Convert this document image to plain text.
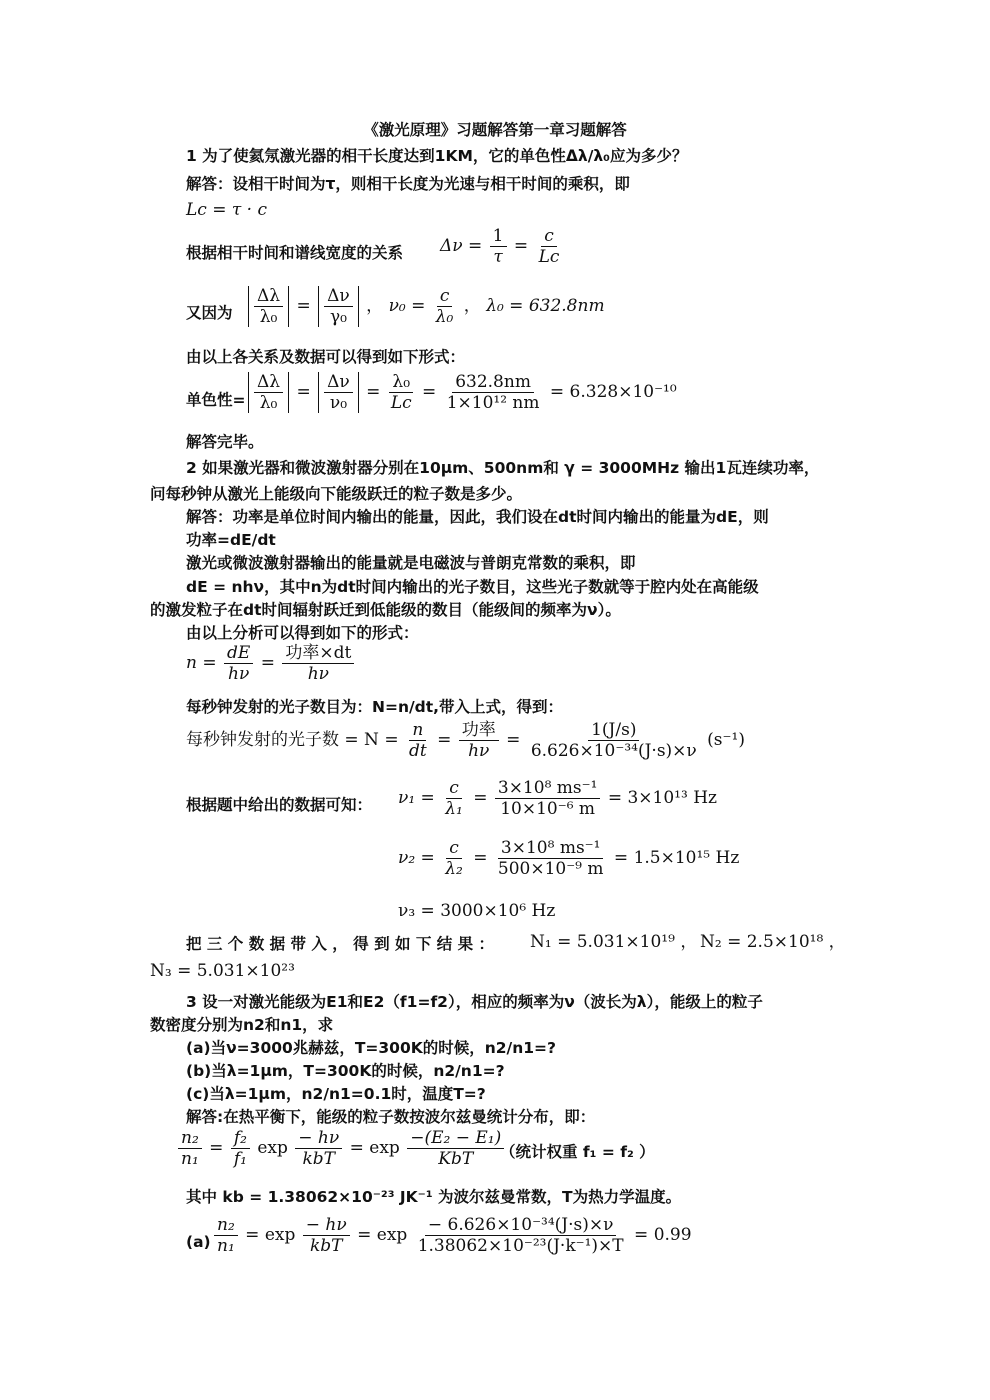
《激光原理》习题解答第一章习题解答
1 为了使氦氖激光器的相干长度达到1KM，它的单色性Δλ/λ₀应为多少？
解答：设相干时间为τ，则相干长度为光速与相干时间的乘积，即
Lc = τ · c
根据相干时间和谱线宽度的关系 $\Delta\nu = \frac{1}{\tau} = \frac{c}{Lc}$
又因为
Δλ
λ₀
= Δν
γ₀
， $\nu_0 = \frac{c}{\text{λ₀}}$ ， λ₀ = 632.8nm
由以上各关系及数据可以得到如下形式：
单色性=
Δλ
λ₀
= Δν
ν₀
= $\frac{\text{λ₀}}{Lc} = \frac{632.8nm}{\text{1×10¹² nm}} = 6.328\times 10^{-10}$
解答完毕。
2 如果激光器和微波激射器分别在10μm、500nm和 γ = 3000MHz 输出1瓦连续功率，
问每秒钟从激光上能级向下能级跃迁的粒子数是多少。
解答：功率是单位时间内输出的能量，因此，我们设在dt时间内输出的能量为dE，则
功率=dE/dt
激光或微波激射器输出的能量就是电磁波与普朗克常数的乘积，即
dE = nhν，其中n为dt时间内输出的光子数目，这些光子数就等于腔内处在高能级
的激发粒子在dt时间辐射跃迁到低能级的数目（能级间的频率为ν）。
由以上分析可以得到如下的形式：
$n = \frac{dE}{h\nu}$ = 功率×dt
hν
每秒钟发射的光子数目为：N=n/dt,带入上式，得到：
每秒钟发射的光子数 = $N = \frac{n}{dt}$ = 功率
hν
= $\frac{1(J/s)}{\text{6.626×10⁻³⁴(J·s)×ν}} (s^{-1})$
根据题中给出的数据可知： $\nu_1 = \frac{c}{\text{λ₁}} = \frac{\text{3×10⁸ ms⁻¹}}{\text{10×10⁻⁶ m}} = 3\times 10^{13}$ Hz
$\nu_2 = \frac{c}{\text{λ₂}} = \frac{\text{3×10⁸ ms⁻¹}}{\text{500×10⁻⁹ m}} = 1.5\times 10^{15}$ Hz
ν₃ = 3000×10⁶ Hz
把 三 个 数 据 带 入 ， 得 到 如 下 结 果 ： N₁ = 5.031×10¹⁹ ， N₂ = 2.5×10¹⁸ ，
N₃ = 5.031×10²³
3 设一对激光能级为E1和E2（f1=f2），相应的频率为ν（波长为λ），能级上的粒子
数密度分别为n2和n1，求
(a)当ν=3000兆赫兹，T=300K的时候，n2/n1=?
(b)当λ=1μm，T=300K的时候，n2/n1=?
(c)当λ=1μm，n2/n1=0.1时，温度T=?
解答:在热平衡下，能级的粒子数按波尔兹曼统计分布，即：
$\frac{\text{n₂}}{\text{n₁}} = \frac{\text{f₂}}{\text{f₁}}$ exp − hν
kbT
= exp −(E₂ − E₁)
KbT （统计权重 f₁ = f₂ ）
其中 kb = 1.38062×10⁻²³ JK⁻¹ 为波尔兹曼常数，T为热力学温度。
$(a) \frac{\text{n₂}}{\text{n₁}} = \exp - h\nu$
kbT
= $\exp \frac{\text{− 6.626×10⁻³⁴(J·s)×ν}}{\text{1.38062×10⁻²³(J·k⁻¹)×T}} = 0.99$
